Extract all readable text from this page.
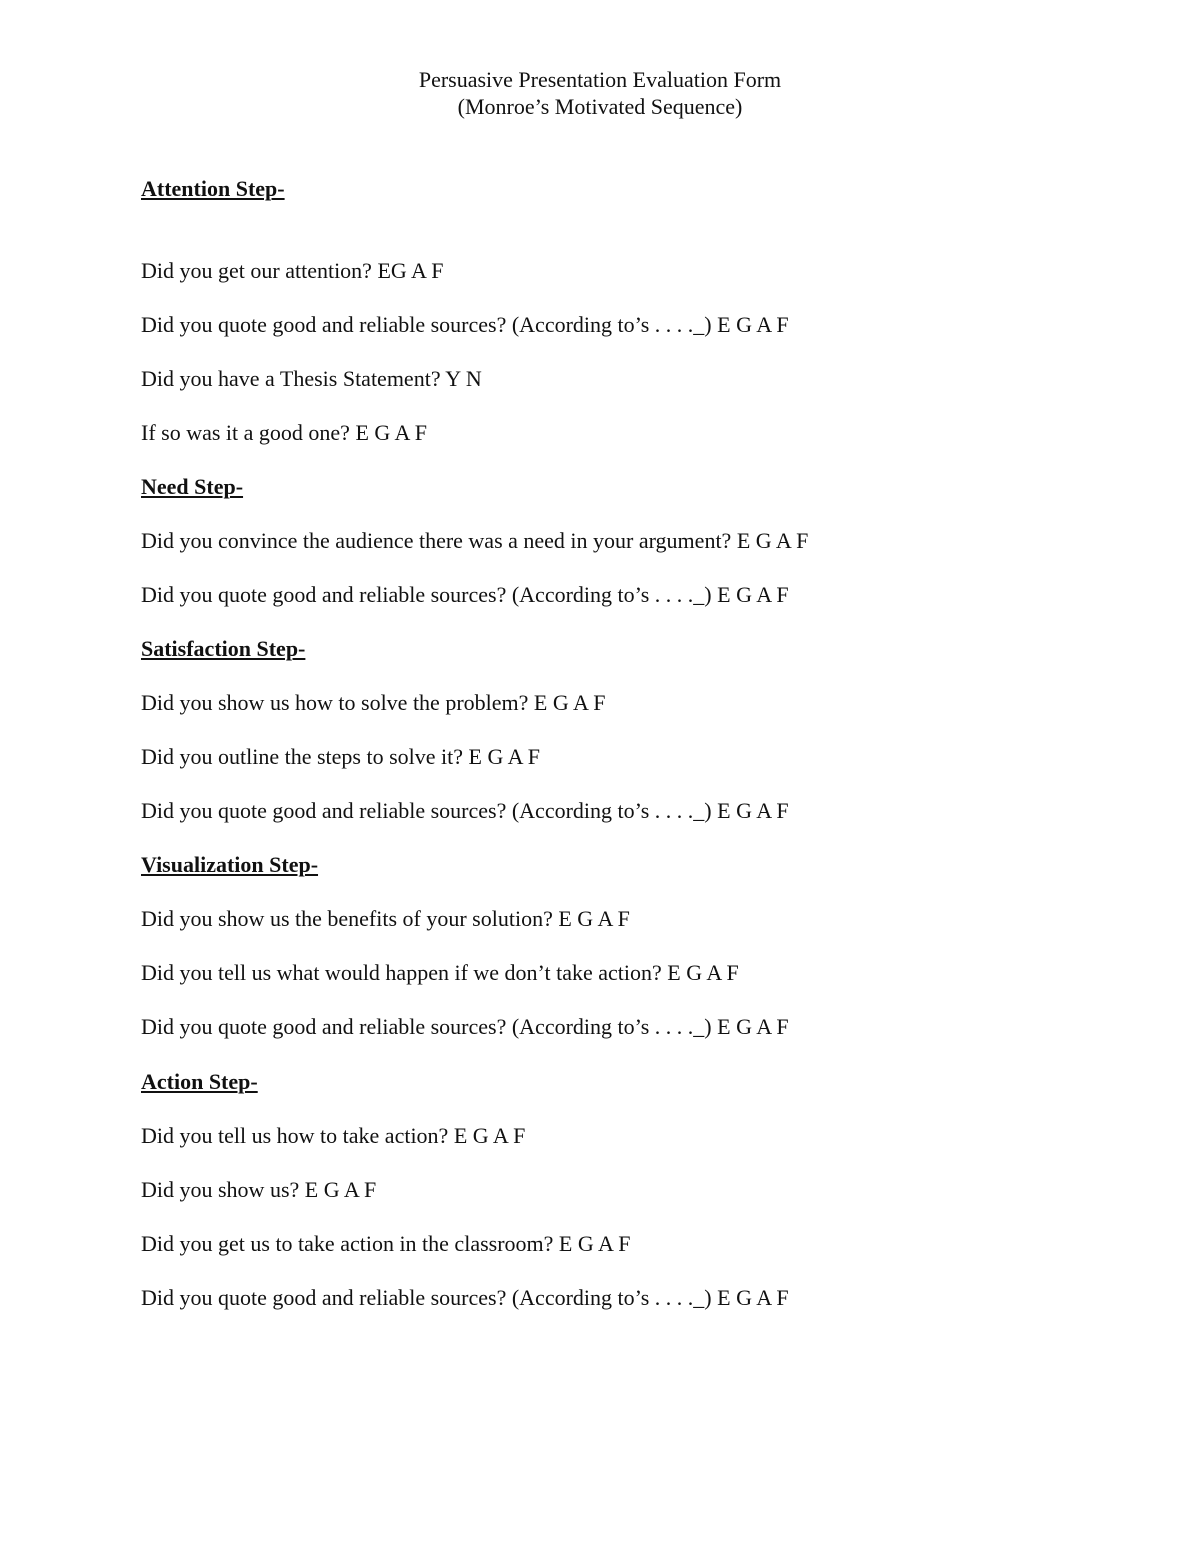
Persuasive Presentation Evaluation Form
(Monroe’s Motivated Sequence)
Attention Step-
Did you get our attention? EG A F
Did you quote good and reliable sources? (According to’s . . . ._) E G A F
Did you have a Thesis Statement? Y N
If so was it a good one? E G A F
Need Step-
Did you convince the audience there was a need in your argument? E G A F
Did you quote good and reliable sources? (According to’s . . . ._) E G A F
Satisfaction Step-
Did you show us how to solve the problem? E G A F
Did you outline the steps to solve it? E G A F
Did you quote good and reliable sources? (According to’s . . . ._) E G A F
Visualization Step-
Did you show us the benefits of your solution? E G A F
Did you tell us what would happen if we don’t take action? E G A F
Did you quote good and reliable sources? (According to’s . . . ._) E G A F
Action Step-
Did you tell us how to take action? E G A F
Did you show us? E G A F
Did you get us to take action in the classroom? E G A F
Did you quote good and reliable sources? (According to’s . . . ._) E G A F
